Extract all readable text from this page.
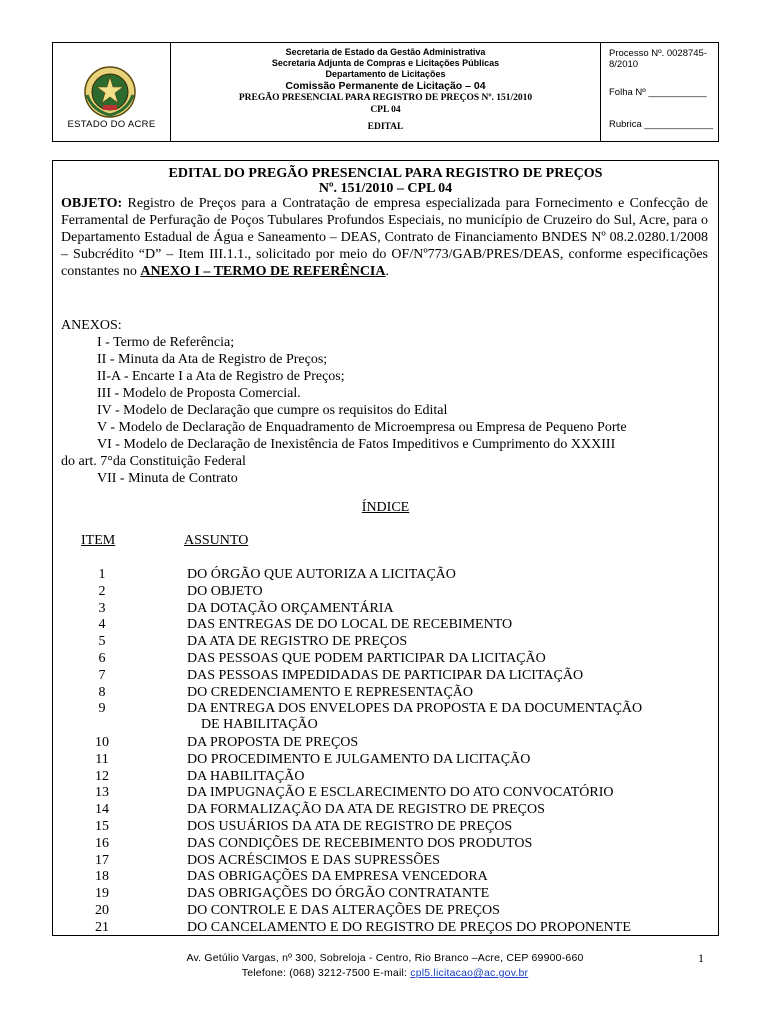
ESTADO DO ACRE
Secretaria de Estado da Gestão Administrativa
Secretaria Adjunta de Compras e Licitações Públicas
Departamento de Licitações
Comissão Permanente de Licitação – 04
PREGÃO PRESENCIAL PARA REGISTRO DE PREÇOS Nº. 151/2010
CPL 04
EDITAL
Processo Nº. 0028745-8/2010
Folha Nº ___________
Rubrica _____________
EDITAL DO PREGÃO PRESENCIAL PARA REGISTRO DE PREÇOS
Nº. 151/2010 – CPL 04
OBJETO: Registro de Preços para a Contratação de empresa especializada para Fornecimento e Confecção de Ferramental de Perfuração de Poços Tubulares Profundos Especiais, no município de Cruzeiro do Sul, Acre, para o Departamento Estadual de Água e Saneamento – DEAS, Contrato de Financiamento BNDES Nº 08.2.0280.1/2008 – Subcrédito “D” – Item III.1.1., solicitado por meio do OF/Nº773/GAB/PRES/DEAS, conforme especificações constantes no ANEXO I – TERMO DE REFERÊNCIA.
ANEXOS:
I - Termo de Referência;
II - Minuta da Ata de Registro de Preços;
II-A - Encarte I a Ata de Registro de Preços;
III - Modelo de Proposta Comercial.
IV - Modelo de Declaração que cumpre os requisitos do Edital
V - Modelo de Declaração de Enquadramento de Microempresa ou Empresa de Pequeno Porte
VI - Modelo de Declaração de Inexistência de Fatos Impeditivos e Cumprimento do XXXIII
do art. 7°da Constituição Federal
VII - Minuta de Contrato
ÍNDICE
ITEM	ASSUNTO
1	DO ÓRGÃO QUE AUTORIZA A LICITAÇÃO
2	DO OBJETO
3	DA DOTAÇÃO ORÇAMENTÁRIA
4	DAS ENTREGAS DE DO LOCAL DE RECEBIMENTO
5	DA ATA DE REGISTRO DE PREÇOS
6	DAS PESSOAS QUE PODEM PARTICIPAR DA LICITAÇÃO
7	DAS PESSOAS IMPEDIDADAS DE PARTICIPAR DA LICITAÇÃO
8	DO CREDENCIAMENTO E REPRESENTAÇÃO
9	DA ENTREGA DOS ENVELOPES DA PROPOSTA E DA DOCUMENTAÇÃO
DE HABILITAÇÃO
10	DA PROPOSTA DE PREÇOS
11	DO PROCEDIMENTO E JULGAMENTO DA LICITAÇÃO
12	DA HABILITAÇÃO
13	DA IMPUGNAÇÃO E ESCLARECIMENTO DO ATO CONVOCATÓRIO
14	DA FORMALIZAÇÃO DA ATA DE REGISTRO DE PREÇOS
15	DOS USUÁRIOS DA ATA DE REGISTRO DE PREÇOS
16	DAS CONDIÇÕES DE RECEBIMENTO DOS PRODUTOS
17	DOS ACRÉSCIMOS E DAS SUPRESSÕES
18	DAS OBRIGAÇÕES DA EMPRESA VENCEDORA
19	DAS OBRIGAÇÕES DO ÓRGÃO CONTRATANTE
20	DO CONTROLE E DAS ALTERAÇÕES DE PREÇOS
21	DO CANCELAMENTO E DO REGISTRO DE PREÇOS DO PROPONENTE
Av. Getúlio Vargas, nº 300, Sobreloja - Centro, Rio Branco –Acre, CEP 69900-660
Telefone: (068) 3212-7500 E-mail: cpl5.licitacao@ac.gov.br
1
